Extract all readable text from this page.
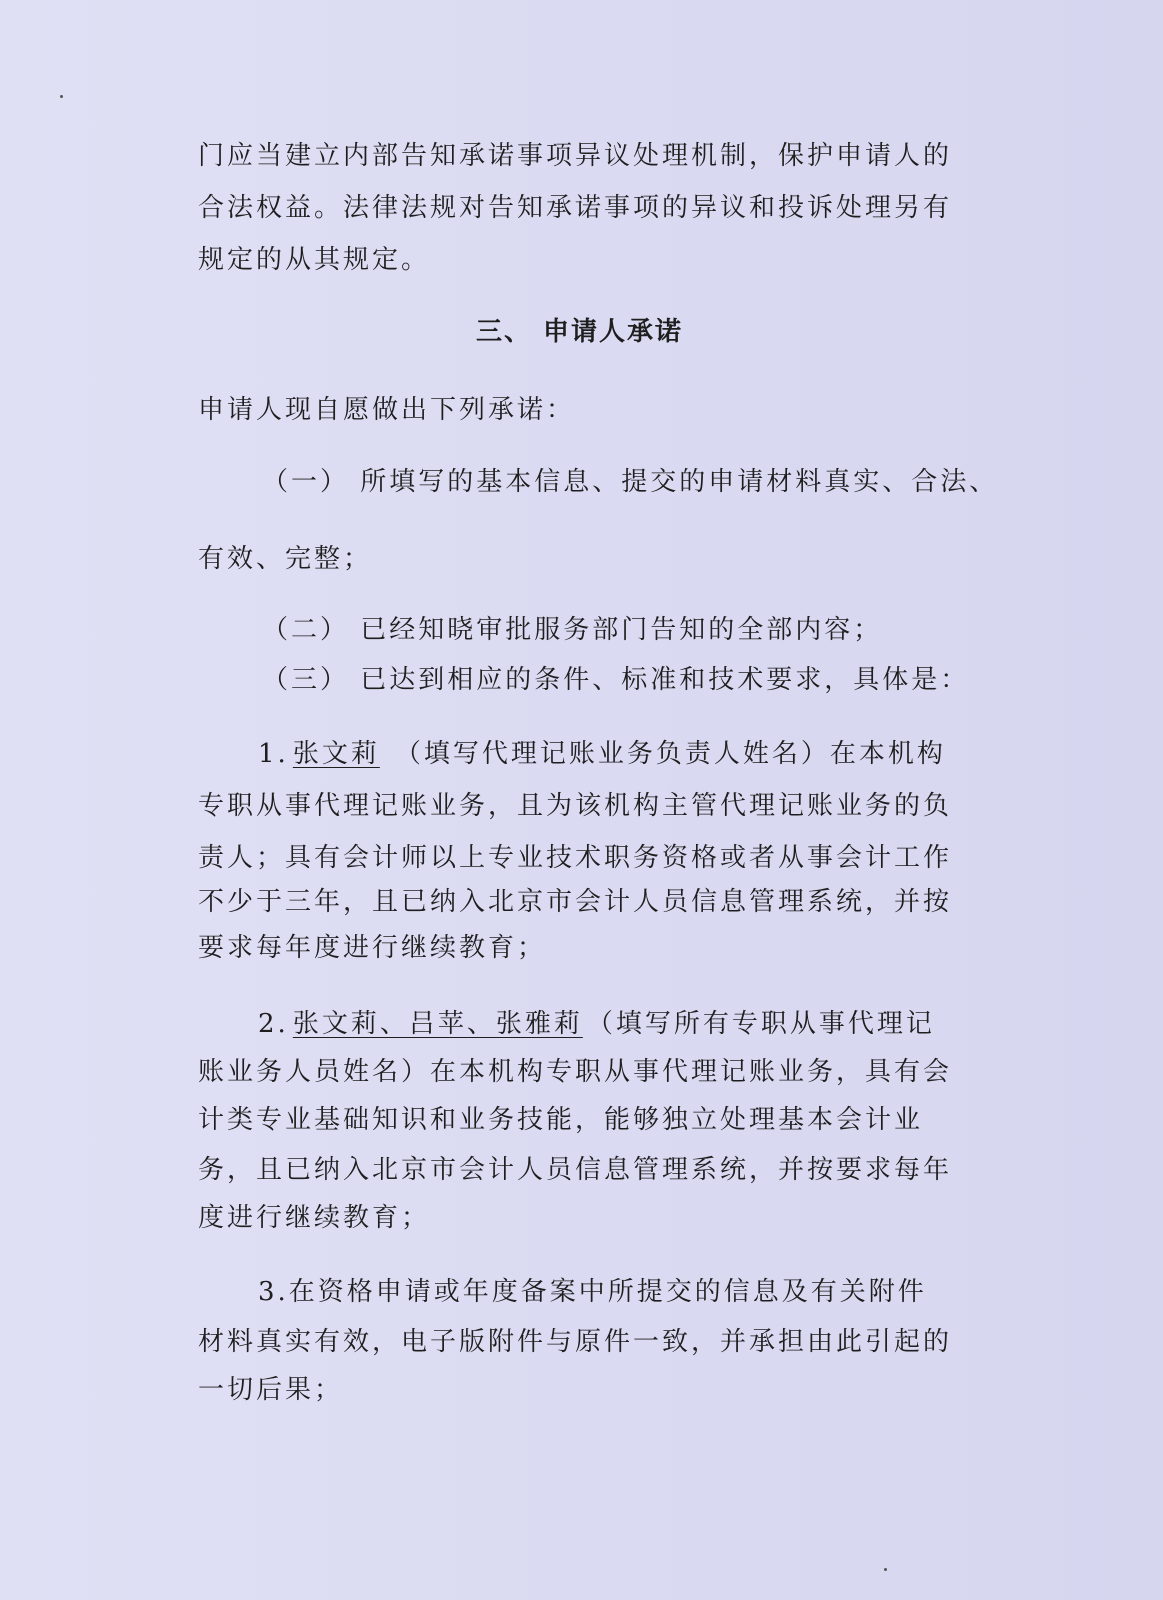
门应当建立内部告知承诺事项异议处理机制，保护申请人的
合法权益。法律法规对告知承诺事项的异议和投诉处理另有
规定的从其规定。
三、 申请人承诺
申请人现自愿做出下列承诺：
（一） 所填写的基本信息、提交的申请材料真实、合法、
有效、完整；
（二） 已经知晓审批服务部门告知的全部内容；
（三） 已达到相应的条件、标准和技术要求，具体是：
1. 张文莉 （填写代理记账业务负责人姓名）在本机构
专职从事代理记账业务，且为该机构主管代理记账业务的负
责人；具有会计师以上专业技术职务资格或者从事会计工作
不少于三年，且已纳入北京市会计人员信息管理系统，并按
要求每年度进行继续教育；
2. 张文莉、吕苹、张雅莉 （填写所有专职从事代理记
账业务人员姓名）在本机构专职从事代理记账业务，具有会
计类专业基础知识和业务技能，能够独立处理基本会计业
务，且已纳入北京市会计人员信息管理系统，并按要求每年
度进行继续教育；
3.在资格申请或年度备案中所提交的信息及有关附件
材料真实有效，电子版附件与原件一致，并承担由此引起的
一切后果；
